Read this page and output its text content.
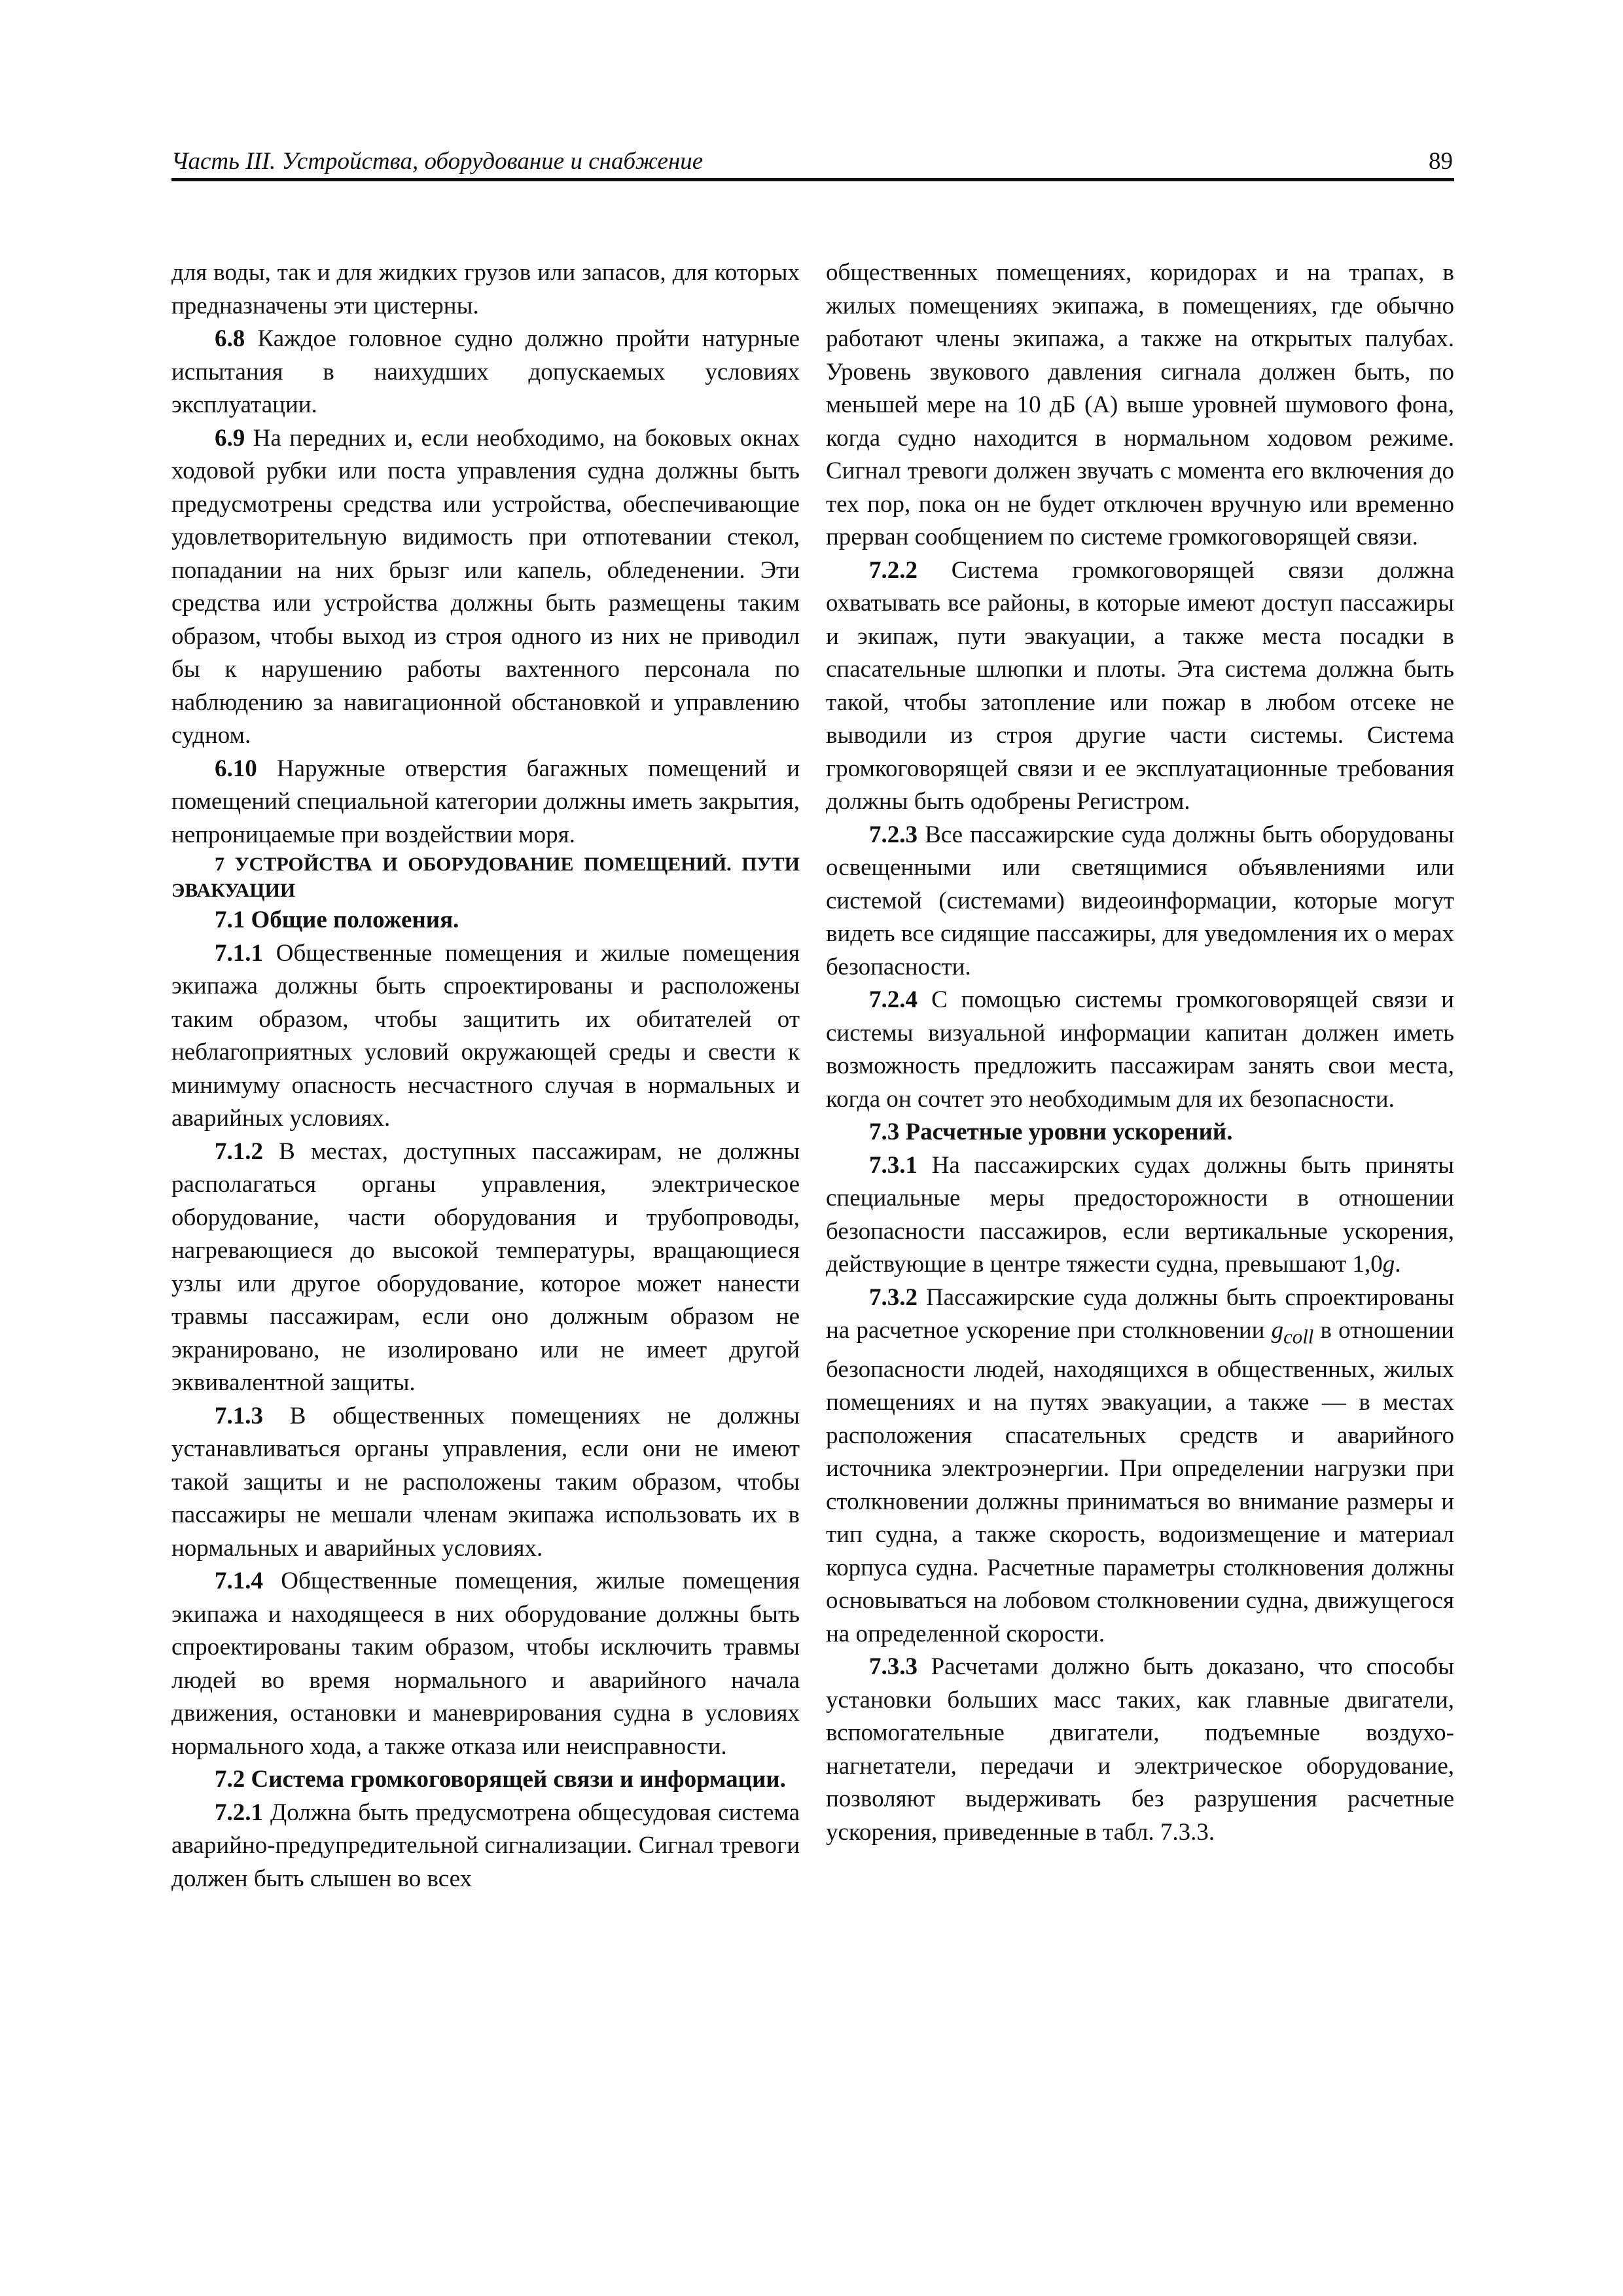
Часть III. Устройства, оборудование и снабжение	89

для воды, так и для жидких грузов или запасов, для которых предназначены эти цистерны.

6.8 Каждое головное судно должно пройти натурные испытания в наихудших допускаемых условиях эксплуатации.

6.9 На передних и, если необходимо, на боковых окнах ходовой рубки или поста управления судна должны быть предусмотрены средства или устройства, обеспечивающие удовлетворительную видимость при отпотевании стекол, попадании на них брызг или капель, обледенении. Эти средства или устройства должны быть размещены таким образом, чтобы выход из строя одного из них не приводил бы к нарушению работы вахтенного персонала по наблюдению за навигационной обстановкой и управлению судном.

6.10 Наружные отверстия багажных помещений и помещений специальной категории должны иметь закрытия, непроницаемые при воздействии моря.

7 УСТРОЙСТВА И ОБОРУДОВАНИЕ ПОМЕЩЕНИЙ. ПУТИ ЭВАКУАЦИИ

7.1 Общие положения.

7.1.1 Общественные помещения и жилые помещения экипажа должны быть спроектированы и расположены таким образом, чтобы защитить их обитателей от неблагоприятных условий окружающей среды и свести к минимуму опасность несчастного случая в нормальных и аварийных условиях.

7.1.2 В местах, доступных пассажирам, не должны располагаться органы управления, электрическое оборудование, части оборудования и трубопроводы, нагревающиеся до высокой температуры, вращающиеся узлы или другое оборудование, которое может нанести травмы пассажирам, если оно должным образом не экранировано, не изолировано или не имеет другой эквивалентной защиты.

7.1.3 В общественных помещениях не должны устанавливаться органы управления, если они не имеют такой защиты и не расположены таким образом, чтобы пассажиры не мешали членам экипажа использовать их в нормальных и аварийных условиях.

7.1.4 Общественные помещения, жилые помещения экипажа и находящееся в них оборудование должны быть спроектированы таким образом, чтобы исключить травмы людей во время нормального и аварийного начала движения, остановки и маневрирования судна в условиях нормального хода, а также отказа или неисправности.

7.2 Система громкоговорящей связи и информации.

7.2.1 Должна быть предусмотрена общесудовая система аварийно-предупредительной сигнализации. Сигнал тревоги должен быть слышен во всех

общественных помещениях, коридорах и на трапах, в жилых помещениях экипажа, в помещениях, где обычно работают члены экипажа, а также на открытых палубах. Уровень звукового давления сигнала должен быть, по меньшей мере на 10 дБ (А) выше уровней шумового фона, когда судно находится в нормальном ходовом режиме. Сигнал тревоги должен звучать с момента его включения до тех пор, пока он не будет отключен вручную или временно прерван сообщением по системе громкоговорящей связи.

7.2.2 Система громкоговорящей связи должна охватывать все районы, в которые имеют доступ пассажиры и экипаж, пути эвакуации, а также места посадки в спасательные шлюпки и плоты. Эта система должна быть такой, чтобы затопление или пожар в любом отсеке не выводили из строя другие части системы. Система громкоговорящей связи и ее эксплуатационные требования должны быть одобрены Регистром.

7.2.3 Все пассажирские суда должны быть оборудованы освещенными или светящимися объявлениями или системой (системами) видеоинформации, которые могут видеть все сидящие пассажиры, для уведомления их о мерах безопасности.

7.2.4 С помощью системы громкоговорящей связи и системы визуальной информации капитан должен иметь возможность предложить пассажирам занять свои места, когда он сочтет это необходимым для их безопасности.

7.3 Расчетные уровни ускорений.

7.3.1 На пассажирских судах должны быть приняты специальные меры предосторожности в отношении безопасности пассажиров, если вертикальные ускорения, действующие в центре тяжести судна, превышают 1,0g.

7.3.2 Пассажирские суда должны быть спроектированы на расчетное ускорение при столкновении $g_{coll}$ в отношении безопасности людей, находящихся в общественных, жилых помещениях и на путях эвакуации, а также — в местах расположения спасательных средств и аварийного источника электроэнергии. При определении нагрузки при столкновении должны приниматься во внимание размеры и тип судна, а также скорость, водоизмещение и материал корпуса судна. Расчетные параметры столкновения должны основываться на лобовом столкновении судна, движущегося на определенной скорости.

7.3.3 Расчетами должно быть доказано, что способы установки больших масс таких, как главные двигатели, вспомогательные двигатели, подъемные воздухо-нагнетатели, передачи и электрическое оборудование, позволяют выдерживать без разрушения расчетные ускорения, приведенные в табл. 7.3.3.
